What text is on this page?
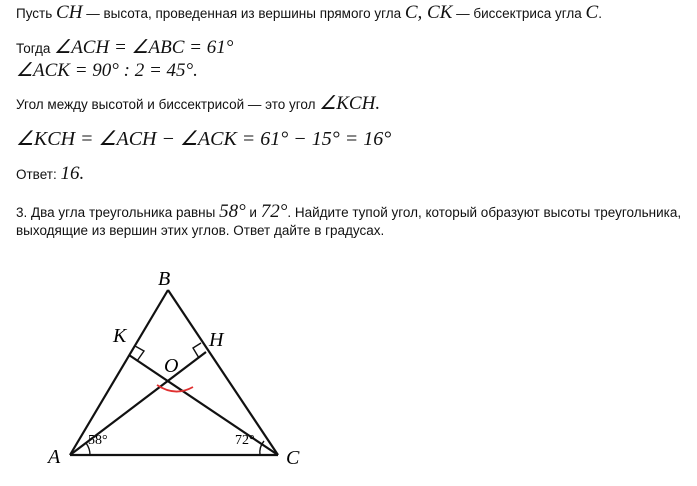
Пусть CH — высота, проведенная из вершины прямого угла C, CK — биссектриса угла C.
Тогда ∠ACH = ∠ABC = 61°
∠ACK = 90° : 2 = 45°.
Угол между высотой и биссектрисой — это угол ∠KCH.
∠KCH = ∠ACH − ∠ACK = 61° − 15° = 16°
Ответ: 16.
3. Два угла треугольника равны 58° и 72°. Найдите тупой угол, который образуют высоты треугольника,
выходящие из вершин этих углов. Ответ дайте в градусах.
B
K	H
O
A	C
58°	72°
